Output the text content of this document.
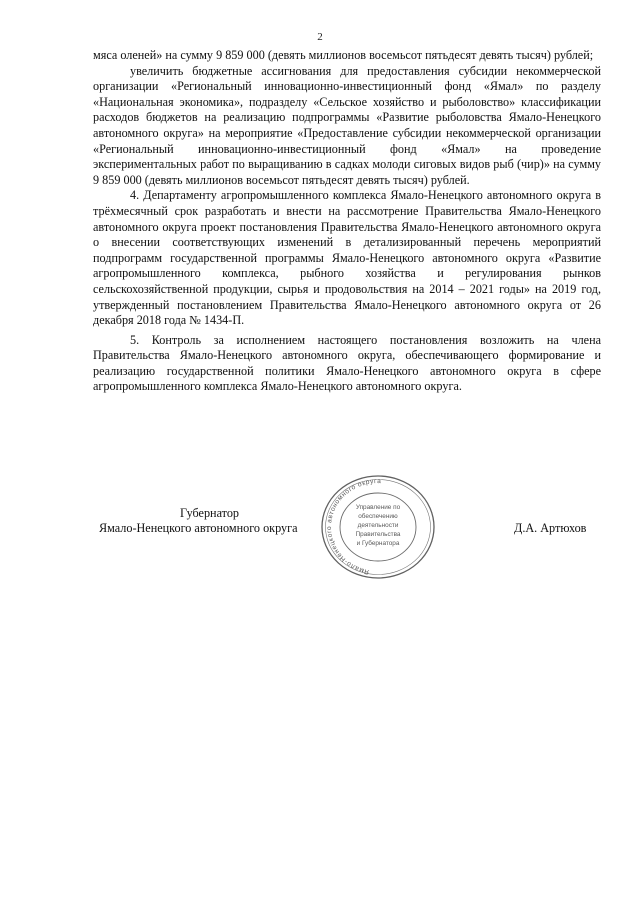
2

мяса оленей» на сумму 9 859 000 (девять миллионов восемьсот пятьдесят девять тысяч) рублей;

увеличить бюджетные ассигнования для предоставления субсидии некоммерческой организации «Региональный инновационно-инвестиционный фонд «Ямал» по разделу «Национальная экономика», подразделу «Сельское хозяйство и рыболовство» классификации расходов бюджетов на реализацию подпрограммы «Развитие рыболовства Ямало-Ненецкого автономного округа» на мероприятие «Предоставление субсидии некоммерческой организации «Региональный инновационно-инвестиционный фонд «Ямал» на проведение экспериментальных работ по выращиванию в садках молоди сиговых видов рыб (чир)» на сумму 9 859 000 (девять миллионов восемьсот пятьдесят девять тысяч) рублей.

4. Департаменту агропромышленного комплекса Ямало-Ненецкого автономного округа в трёхмесячный срок разработать и внести на рассмотрение Правительства Ямало-Ненецкого автономного округа проект постановления Правительства Ямало-Ненецкого автономного округа о внесении соответствующих изменений в детализированный перечень мероприятий подпрограмм государственной программы Ямало-Ненецкого автономного округа «Развитие агропромышленного комплекса, рыбного хозяйства и регулирования рынков сельскохозяйственной продукции, сырья и продовольствия на 2014 – 2021 годы» на 2019 год, утвержденный постановлением Правительства Ямало-Ненецкого автономного округа от 26 декабря 2018 года № 1434-П.

5. Контроль за исполнением настоящего постановления возложить на члена Правительства Ямало-Ненецкого автономного округа, обеспечивающего формирование и реализацию государственной политики Ямало-Ненецкого автономного округа в сфере агропромышленного комплекса Ямало-Ненецкого автономного округа.

Губернатор
Ямало-Ненецкого автономного округа	Д.А. Артюхов
Ямало-Ненецкого автономного округа
Управление по
обеспечению
деятельности
Правительства
и Губернатора
